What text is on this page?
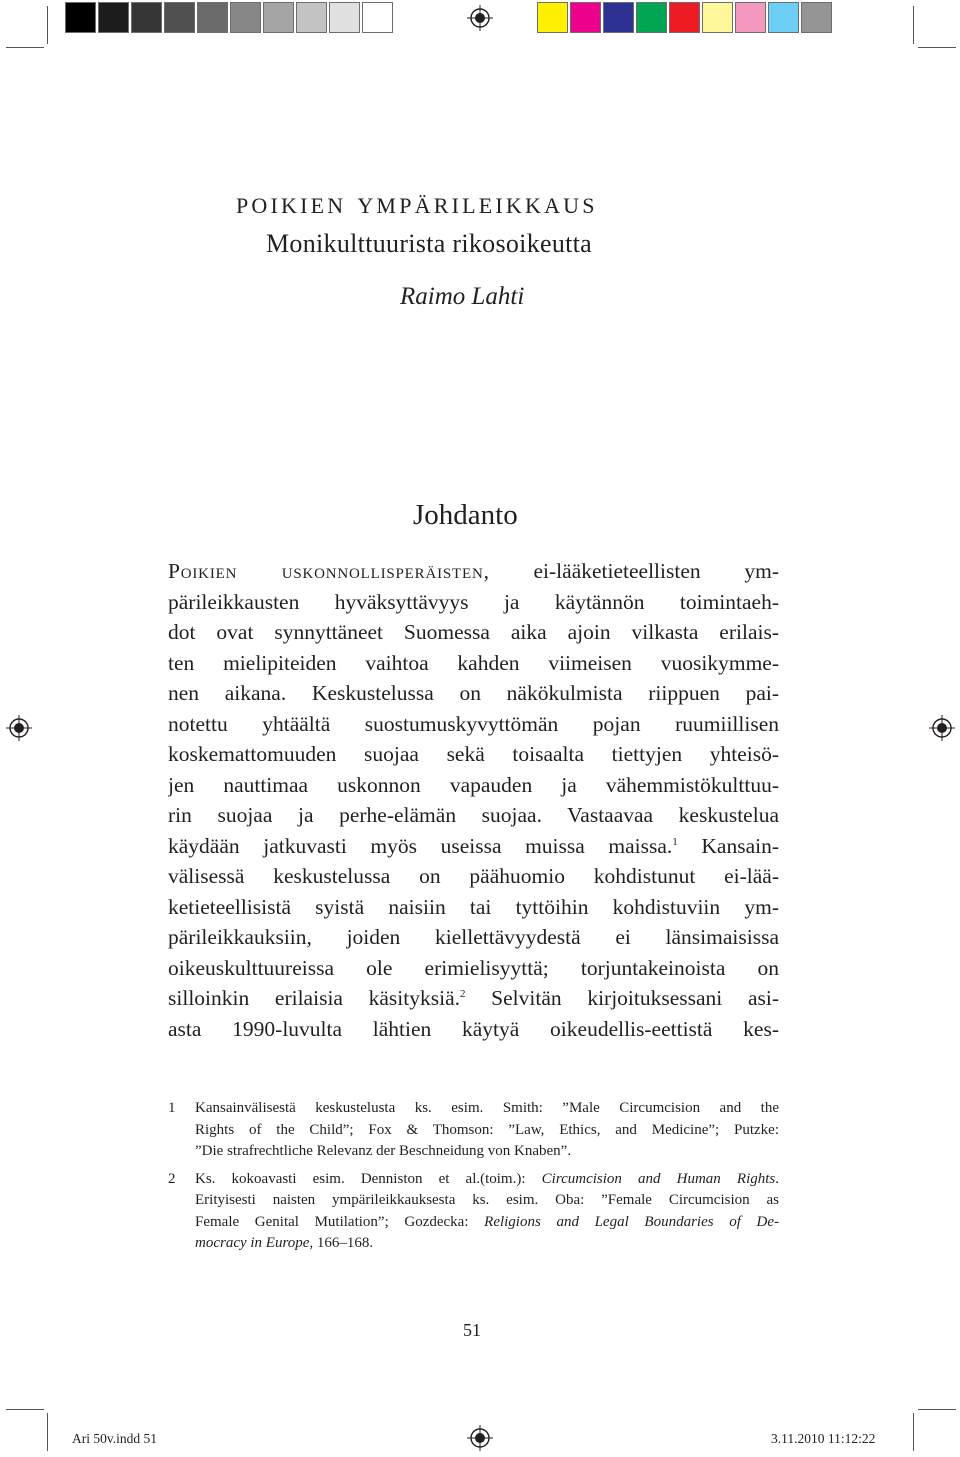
poikien ympärileikkaus
Monikulttuurista rikosoikeutta
Raimo Lahti
Johdanto
Poikien uskonnollisperäisten, ei-lääketieteellisten ym-
pärileikkausten hyväksyttävyys ja käytännön toimintaeh-
dot ovat synnyttäneet Suomessa aika ajoin vilkasta erilais-
ten mielipiteiden vaihtoa kahden viimeisen vuosikymme-
nen aikana. Keskustelussa on näkökulmista riippuen pai-
notettu yhtäältä suostumuskyvyttömän pojan ruumiillisen
koskemattomuuden suojaa sekä toisaalta tiettyjen yhteisö-
jen nauttimaa uskonnon vapauden ja vähemmistökulttuu-
rin suojaa ja perhe-elämän suojaa. Vastaavaa keskustelua
käydään jatkuvasti myös useissa muissa maissa.$^1$ Kansain-
välisessä keskustelussa on päähuomio kohdistunut ei-lää-
ketieteellisistä syistä naisiin tai tyttöihin kohdistuviin ym-
pärileikkauksiin, joiden kiellettävyydestä ei länsimaisissa
oikeuskulttuureissa ole erimielisyyttä; torjuntakeinoista on
silloinkin erilaisia käsityksiä.$^2$ Selvitän kirjoituksessani asi-
asta 1990-luvulta lähtien käytyä oikeudellis-eettistä kes-
1 Kansainvälisestä keskustelusta ks. esim. Smith: ”Male Circumcision and the
Rights of the Child”; Fox & Thomson: ”Law, Ethics, and Medicine”; Putzke:
”Die strafrechtliche Relevanz der Beschneidung von Knaben”.
2 Ks. kokoavasti esim. Denniston et al.(toim.): Circumcision and Human Rights.
Erityisesti naisten ympärileikkauksesta ks. esim. Oba: ”Female Circumcision as
Female Genital Mutilation”; Gozdecka: Religions and Legal Boundaries of De-
mocracy in Europe, 166–168.
51
Ari 50v.indd 51	3.11.2010 11:12:22
